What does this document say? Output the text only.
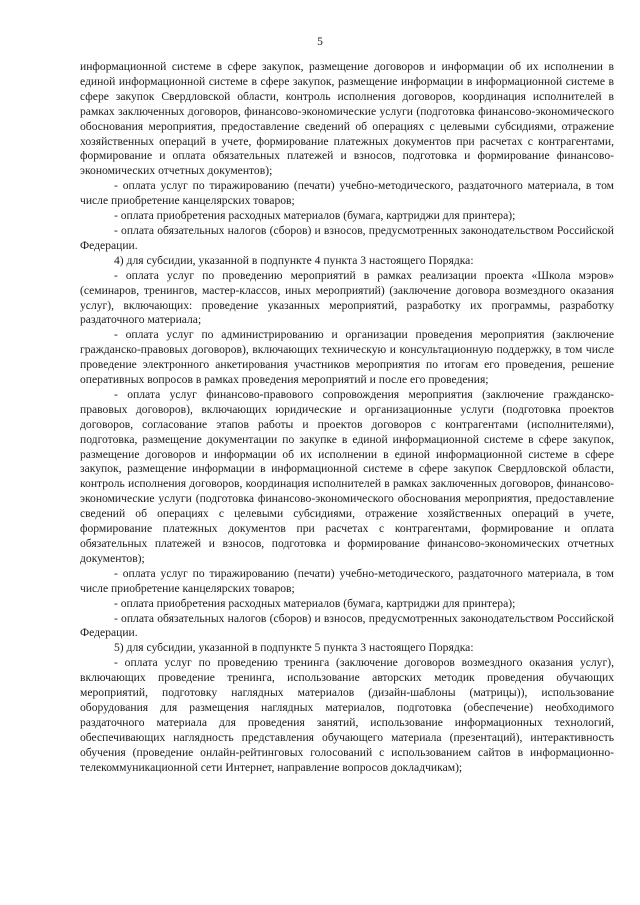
5

информационной системе в сфере закупок, размещение договоров и информации об их исполнении в единой информационной системе в сфере закупок, размещение информации в информационной системе в сфере закупок Свердловской области, контроль исполнения договоров, координация исполнителей в рамках заключенных договоров, финансово-экономические услуги (подготовка финансово-экономического обоснования мероприятия, предоставление сведений об операциях с целевыми субсидиями, отражение хозяйственных операций в учете, формирование платежных документов при расчетах с контрагентами, формирование и оплата обязательных платежей и взносов, подготовка и формирование финансово-экономических отчетных документов);

- оплата услуг по тиражированию (печати) учебно-методического, раздаточного материала, в том числе приобретение канцелярских товаров;

- оплата приобретения расходных материалов (бумага, картриджи для принтера);

- оплата обязательных налогов (сборов) и взносов, предусмотренных законодательством Российской Федерации.

4) для субсидии, указанной в подпункте 4 пункта 3 настоящего Порядка:

- оплата услуг по проведению мероприятий в рамках реализации проекта «Школа мэров» (семинаров, тренингов, мастер-классов, иных мероприятий) (заключение договора возмездного оказания услуг), включающих: проведение указанных мероприятий, разработку их программы, разработку раздаточного материала;

- оплата услуг по администрированию и организации проведения мероприятия (заключение гражданско-правовых договоров), включающих техническую и консультационную поддержку, в том числе проведение электронного анкетирования участников мероприятия по итогам его проведения, решение оперативных вопросов в рамках проведения мероприятий и после его проведения;

- оплата услуг финансово-правового сопровождения мероприятия (заключение гражданско-правовых договоров), включающих юридические и организационные услуги (подготовка проектов договоров, согласование этапов работы и проектов договоров с контрагентами (исполнителями), подготовка, размещение документации по закупке в единой информационной системе в сфере закупок, размещение договоров и информации об их исполнении в единой информационной системе в сфере закупок, размещение информации в информационной системе в сфере закупок Свердловской области, контроль исполнения договоров, координация исполнителей в рамках заключенных договоров, финансово-экономические услуги (подготовка финансово-экономического обоснования мероприятия, предоставление сведений об операциях с целевыми субсидиями, отражение хозяйственных операций в учете, формирование платежных документов при расчетах с контрагентами, формирование и оплата обязательных платежей и взносов, подготовка и формирование финансово-экономических отчетных документов);

- оплата услуг по тиражированию (печати) учебно-методического, раздаточного материала, в том числе приобретение канцелярских товаров;

- оплата приобретения расходных материалов (бумага, картриджи для принтера);

- оплата обязательных налогов (сборов) и взносов, предусмотренных законодательством Российской Федерации.

5) для субсидии, указанной в подпункте 5 пункта 3 настоящего Порядка:

- оплата услуг по проведению тренинга (заключение договоров возмездного оказания услуг), включающих проведение тренинга, использование авторских методик проведения обучающих мероприятий, подготовку наглядных материалов (дизайн-шаблоны (матрицы)), использование оборудования для размещения наглядных материалов, подготовка (обеспечение) необходимого раздаточного материала для проведения занятий, использование информационных технологий, обеспечивающих наглядность представления обучающего материала (презентаций), интерактивность обучения (проведение онлайн-рейтинговых голосований с использованием сайтов в информационно-телекоммуникационной сети Интернет, направление вопросов докладчикам);
